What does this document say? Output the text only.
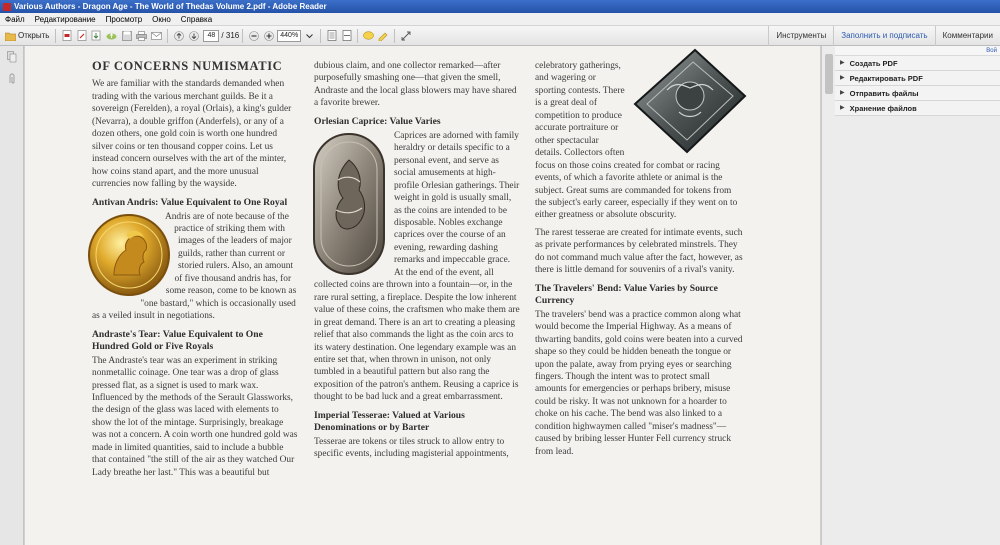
Various Authors - Dragon Age - The World of Thedas Volume 2.pdf - Adobe Reader
Файл	Редактирование	Просмотр	Окно	Справка
Открыть	48 / 316	440%	Инструменты	Заполнить и подписать	Комментарии
OF CONCERNS NUMISMATIC

We are familiar with the standards demanded when trading with the various merchant guilds. Be it a sovereign (Ferelden), a royal (Orlais), a king's gulder (Nevarra), a double griffon (Anderfels), or any of a dozen others, one gold coin is worth one hundred silver coins or ten thousand copper coins. Let us instead concern ourselves with the art of the minter, how coins stand apart, and the more unusual currencies now falling by the wayside.

Antivan Andris: Value Equivalent to One Royal

Andris are of note because of the practice of striking them with images of the leaders of major guilds, rather than current or storied rulers. Also, an amount of five thousand andris has, for some reason, come to be known as "one bastard," which is occasionally used as a veiled insult in negotiations.

Andraste's Tear: Value Equivalent to One Hundred Gold or Five Royals

The Andraste's tear was an experiment in striking nonmetallic coinage. One tear was a drop of glass pressed flat, as a signet is used to mark wax. Influenced by the methods of the Serault Glassworks, the design of the glass was laced with elements to show the lot of the mintage. Surprisingly, breakage was not a concern. A coin worth one hundred gold was made in limited quantities, said to include a bubble that contained "the still of the air as they watched Our Lady breathe her last." This was a beautiful but

dubious claim, and one collector remarked—after purposefully smashing one—that given the smell, Andraste and the local glass blowers may have shared a favorite brewer.

Orlesian Caprice: Value Varies

Caprices are adorned with family heraldry or details specific to a personal event, and serve as social amusements at high-profile Orlesian gatherings. Their weight in gold is usually small, as the coins are intended to be disposable. Nobles exchange caprices over the course of an evening, rewarding dashing remarks and impeccable grace. At the end of the event, all collected coins are thrown into a fountain—or, in the rare rural setting, a fireplace. Despite the low inherent value of these coins, the craftsmen who make them are in great demand. There is an art to creating a pleasing relief that also commands the light as the coin arcs to its watery destination. One legendary example was an entire set that, when thrown in unison, not only tumbled in a beautiful pattern but also rang the exposition of the patron's anthem. Reusing a caprice is thought to be bad luck and a great embarrassment.

Imperial Tesserae: Valued at Various Denominations or by Barter

Tesserae are tokens or tiles struck to allow entry to specific events, including magisterial appointments,

celebratory gatherings, and wagering or sporting contests. There is a great deal of competition to produce accurate portraiture or other spectacular details. Collectors often focus on those coins created for combat or racing events, of which a favorite athlete or animal is the subject. Great sums are commanded for tokens from the subject's early career, especially if they went on to either greatness or absolute obscurity.

The rarest tesserae are created for intimate events, such as private performances by celebrated minstrels. They do not command much value after the fact, however, as there is little demand for souvenirs of a rival's vanity.

The Travelers' Bend: Value Varies by Source Currency

The travelers' bend was a practice common along what would become the Imperial Highway. As a means of thwarting bandits, gold coins were beaten into a curved shape so they could be hidden beneath the tongue or upon the palate, away from prying eyes or searching fingers. Though the intent was to protect small amounts for emergencies or perhaps bribery, misuse could be risky. It was not unknown for a hoarder to choke on his cache. The bend was also linked to a condition highwaymen called "miser's madness"—caused by bribing lesser Hunter Fell currency struck from lead.

Вой
▶ Создать PDF
▶ Редактировать PDF
▶ Отправить файлы
▶ Хранение файлов
